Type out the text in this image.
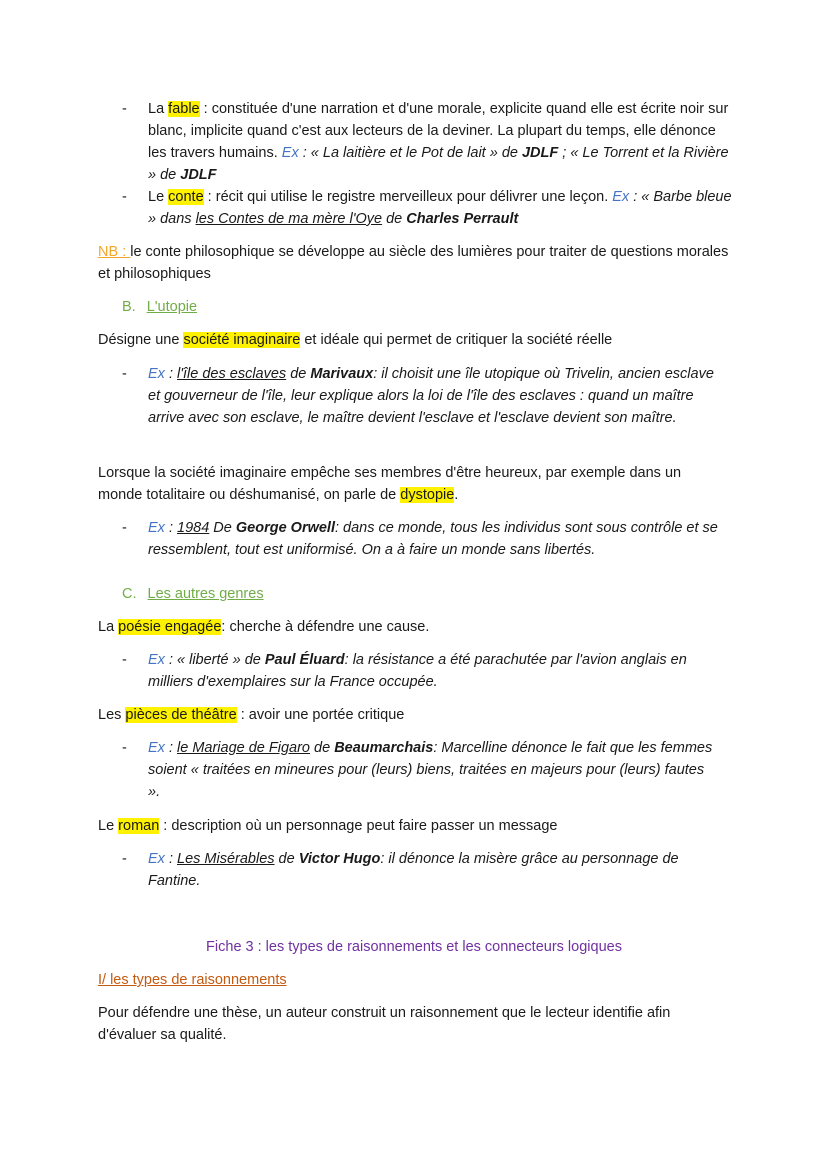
- La fable : constituée d'une narration et d'une morale, explicite quand elle est écrite noir sur blanc, implicite quand c'est aux lecteurs de la deviner. La plupart du temps, elle dénonce les travers humains. Ex : « La laitière et le Pot de lait » de JDLF ; « Le Torrent et la Rivière » de JDLF
- Le conte : récit qui utilise le registre merveilleux pour délivrer une leçon. Ex : « Barbe bleue » dans les Contes de ma mère l'Oye de Charles Perrault
NB : le conte philosophique se développe au siècle des lumières pour traiter de questions morales et philosophiques
B. L'utopie
Désigne une société imaginaire et idéale qui permet de critiquer la société réelle
- Ex : l'île des esclaves de Marivaux: il choisit une île utopique où Trivelin, ancien esclave et gouverneur de l'île, leur explique alors la loi de l'île des esclaves : quand un maître arrive avec son esclave, le maître devient l'esclave et l'esclave devient son maître.
Lorsque la société imaginaire empêche ses membres d'être heureux, par exemple dans un monde totalitaire ou déshumanisé, on parle de dystopie.
- Ex : 1984 De George Orwell: dans ce monde, tous les individus sont sous contrôle et se ressemblent, tout est uniformisé. On a à faire un monde sans libertés.
C. Les autres genres
La poésie engagée: cherche à défendre une cause.
- Ex : « liberté » de Paul Éluard: la résistance a été parachutée par l'avion anglais en milliers d'exemplaires sur la France occupée.
Les pièces de théâtre : avoir une portée critique
- Ex : le Mariage de Figaro de Beaumarchais: Marcelline dénonce le fait que les femmes soient « traitées en mineures pour (leurs) biens, traitées en majeurs pour (leurs) fautes ».
Le roman : description où un personnage peut faire passer un message
- Ex : Les Misérables de Victor Hugo: il dénonce la misère grâce au personnage de Fantine.
Fiche 3 : les types de raisonnements et les connecteurs logiques
I/ les types de raisonnements
Pour défendre une thèse, un auteur construit un raisonnement que le lecteur identifie afin d'évaluer sa qualité.
